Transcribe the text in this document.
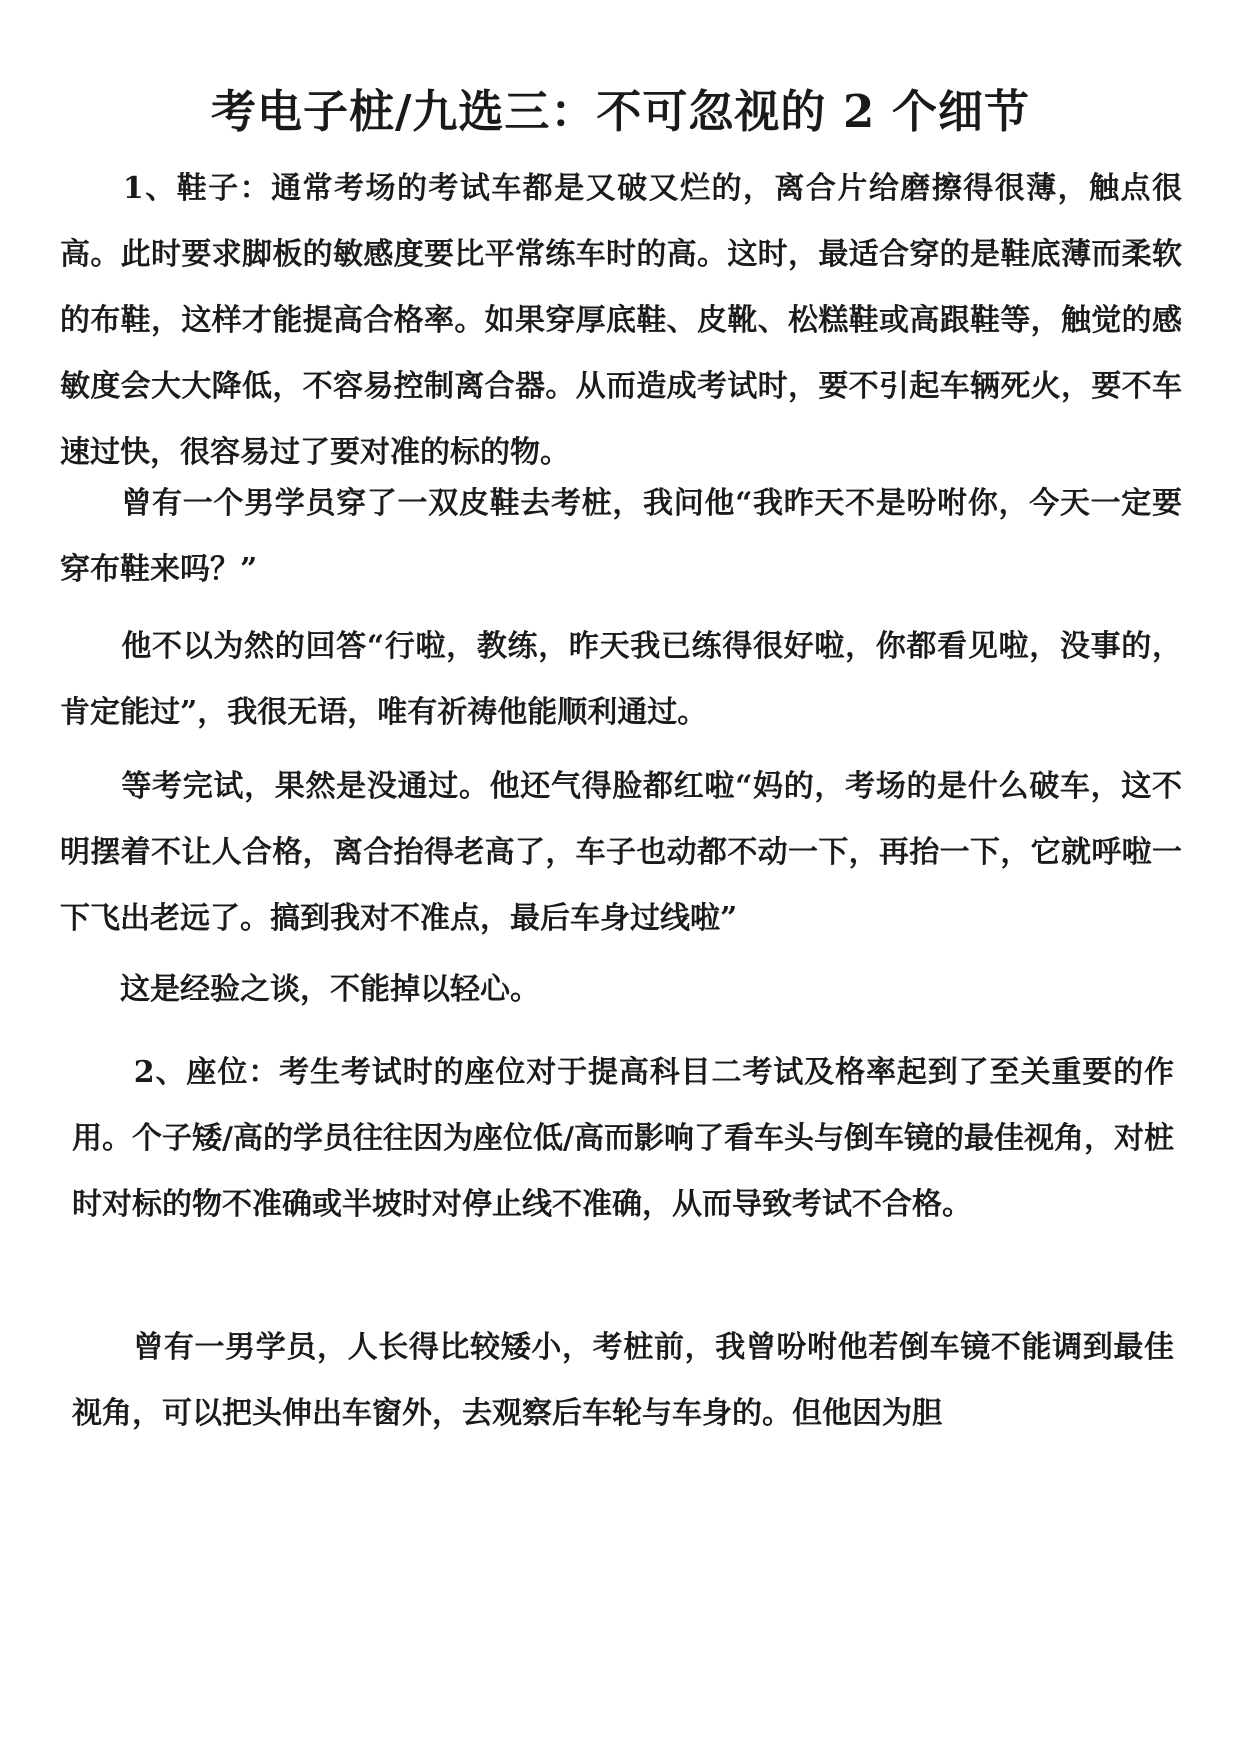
考电子桩/九选三：不可忽视的 2 个细节

　　1、鞋子：通常考场的考试车都是又破又烂的，离合片给磨擦得很薄，触点很高。此时要求脚板的敏感度要比平常练车时的高。这时，最适合穿的是鞋底薄而柔软的布鞋，这样才能提高合格率。如果穿厚底鞋、皮靴、松糕鞋或高跟鞋等，触觉的感敏度会大大降低，不容易控制离合器。从而造成考试时，要不引起车辆死火，要不车速过快，很容易过了要对准的标的物。

　　曾有一个男学员穿了一双皮鞋去考桩，我问他“我昨天不是吩咐你，今天一定要穿布鞋来吗？”

　　他不以为然的回答“行啦，教练，昨天我已练得很好啦，你都看见啦，没事的，肯定能过”，我很无语，唯有祈祷他能顺利通过。

　　等考完试，果然是没通过。他还气得脸都红啦“妈的，考场的是什么破车，这不明摆着不让人合格，离合抬得老高了，车子也动都不动一下，再抬一下，它就呼啦一下飞出老远了。搞到我对不准点，最后车身过线啦”

　　这是经验之谈，不能掉以轻心。

　　2、座位：考生考试时的座位对于提高科目二考试及格率起到了至关重要的作用。个子矮/高的学员往往因为座位低/高而影响了看车头与倒车镜的最佳视角，对桩时对标的物不准确或半坡时对停止线不准确，从而导致考试不合格。

　　曾有一男学员，人长得比较矮小，考桩前，我曾吩咐他若倒车镜不能调到最佳视角，可以把头伸出车窗外，去观察后车轮与车身的。但他因为胆
